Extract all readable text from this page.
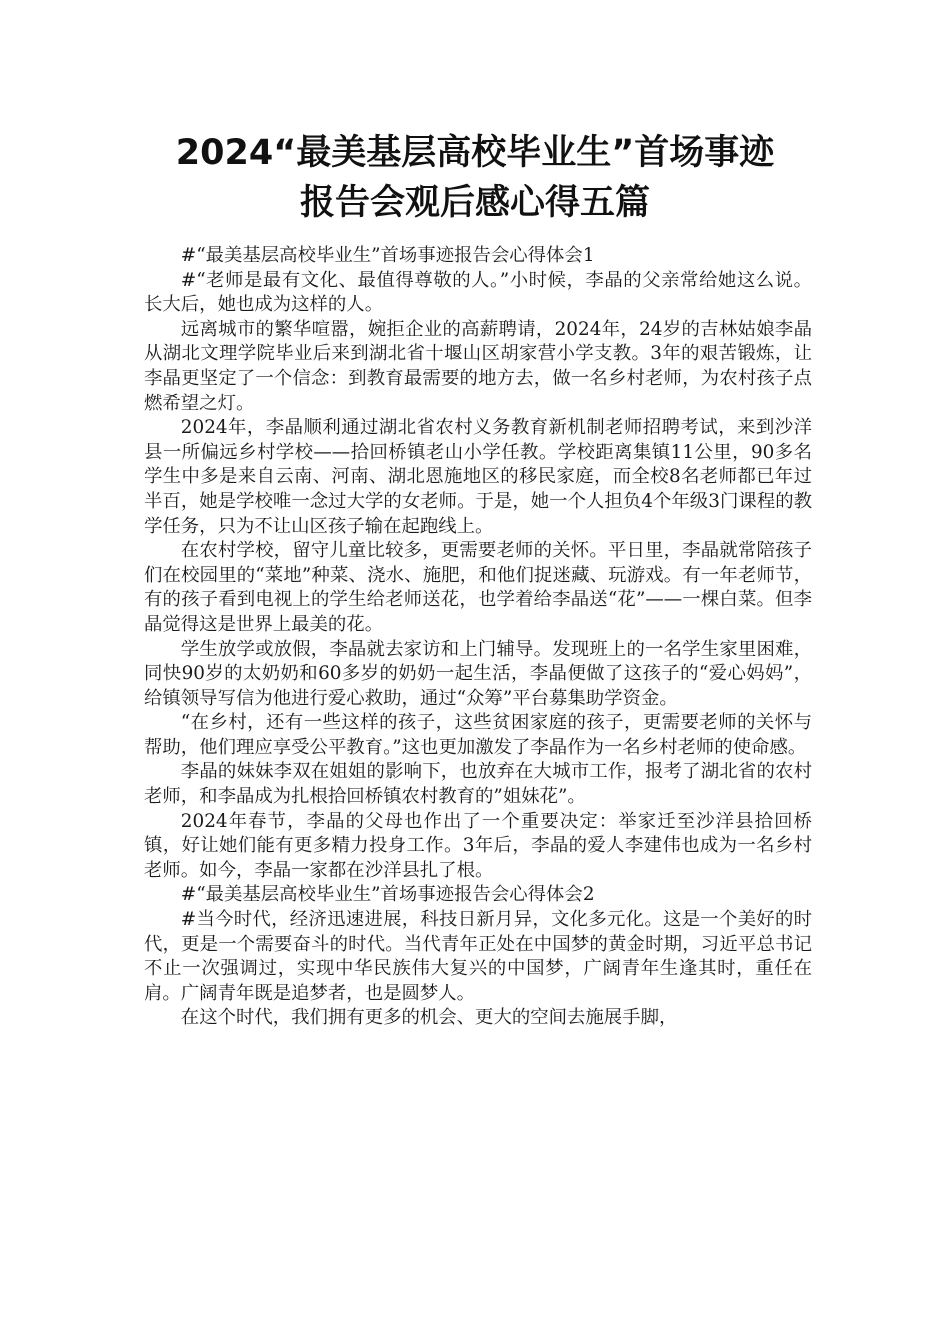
2024“最美基层高校毕业生”首场事迹
报告会观后感心得五篇

#“最美基层高校毕业生”首场事迹报告会心得体会1

#“老师是最有文化、最值得尊敬的人。”小时候，李晶的父亲常给她这么说。长大后，她也成为这样的人。

远离城市的繁华喧嚣，婉拒企业的高薪聘请，2024年，24岁的吉林姑娘李晶从湖北文理学院毕业后来到湖北省十堰山区胡家营小学支教。3年的艰苦锻炼，让李晶更坚定了一个信念：到教育最需要的地方去，做一名乡村老师，为农村孩子点燃希望之灯。

2024年，李晶顺利通过湖北省农村义务教育新机制老师招聘考试，来到沙洋县一所偏远乡村学校——拾回桥镇老山小学任教。学校距离集镇11公里，90多名学生中多是来自云南、河南、湖北恩施地区的移民家庭，而全校8名老师都已年过半百，她是学校唯一念过大学的女老师。于是，她一个人担负4个年级3门课程的教学任务，只为不让山区孩子输在起跑线上。

在农村学校，留守儿童比较多，更需要老师的关怀。平日里，李晶就常陪孩子们在校园里的“菜地”种菜、浇水、施肥，和他们捉迷藏、玩游戏。有一年老师节，有的孩子看到电视上的学生给老师送花，也学着给李晶送“花”——一棵白菜。但李晶觉得这是世界上最美的花。

学生放学或放假，李晶就去家访和上门辅导。发现班上的一名学生家里困难，同快90岁的太奶奶和60多岁的奶奶一起生活，李晶便做了这孩子的“爱心妈妈”，给镇领导写信为他进行爱心救助，通过“众筹”平台募集助学资金。

“在乡村，还有一些这样的孩子，这些贫困家庭的孩子，更需要老师的关怀与帮助，他们理应享受公平教育。”这也更加激发了李晶作为一名乡村老师的使命感。

李晶的妹妹李双在姐姐的影响下，也放弃在大城市工作，报考了湖北省的农村老师，和李晶成为扎根拾回桥镇农村教育的”姐妹花”。

2024年春节，李晶的父母也作出了一个重要决定：举家迁至沙洋县拾回桥镇，好让她们能有更多精力投身工作。3年后，李晶的爱人李建伟也成为一名乡村老师。如今，李晶一家都在沙洋县扎了根。

#“最美基层高校毕业生”首场事迹报告会心得体会2

#当今时代，经济迅速进展，科技日新月异，文化多元化。这是一个美好的时代，更是一个需要奋斗的时代。当代青年正处在中国梦的黄金时期，习近平总书记不止一次强调过，实现中华民族伟大复兴的中国梦，广阔青年生逢其时，重任在肩。广阔青年既是追梦者，也是圆梦人。

在这个时代，我们拥有更多的机会、更大的空间去施展手脚，
